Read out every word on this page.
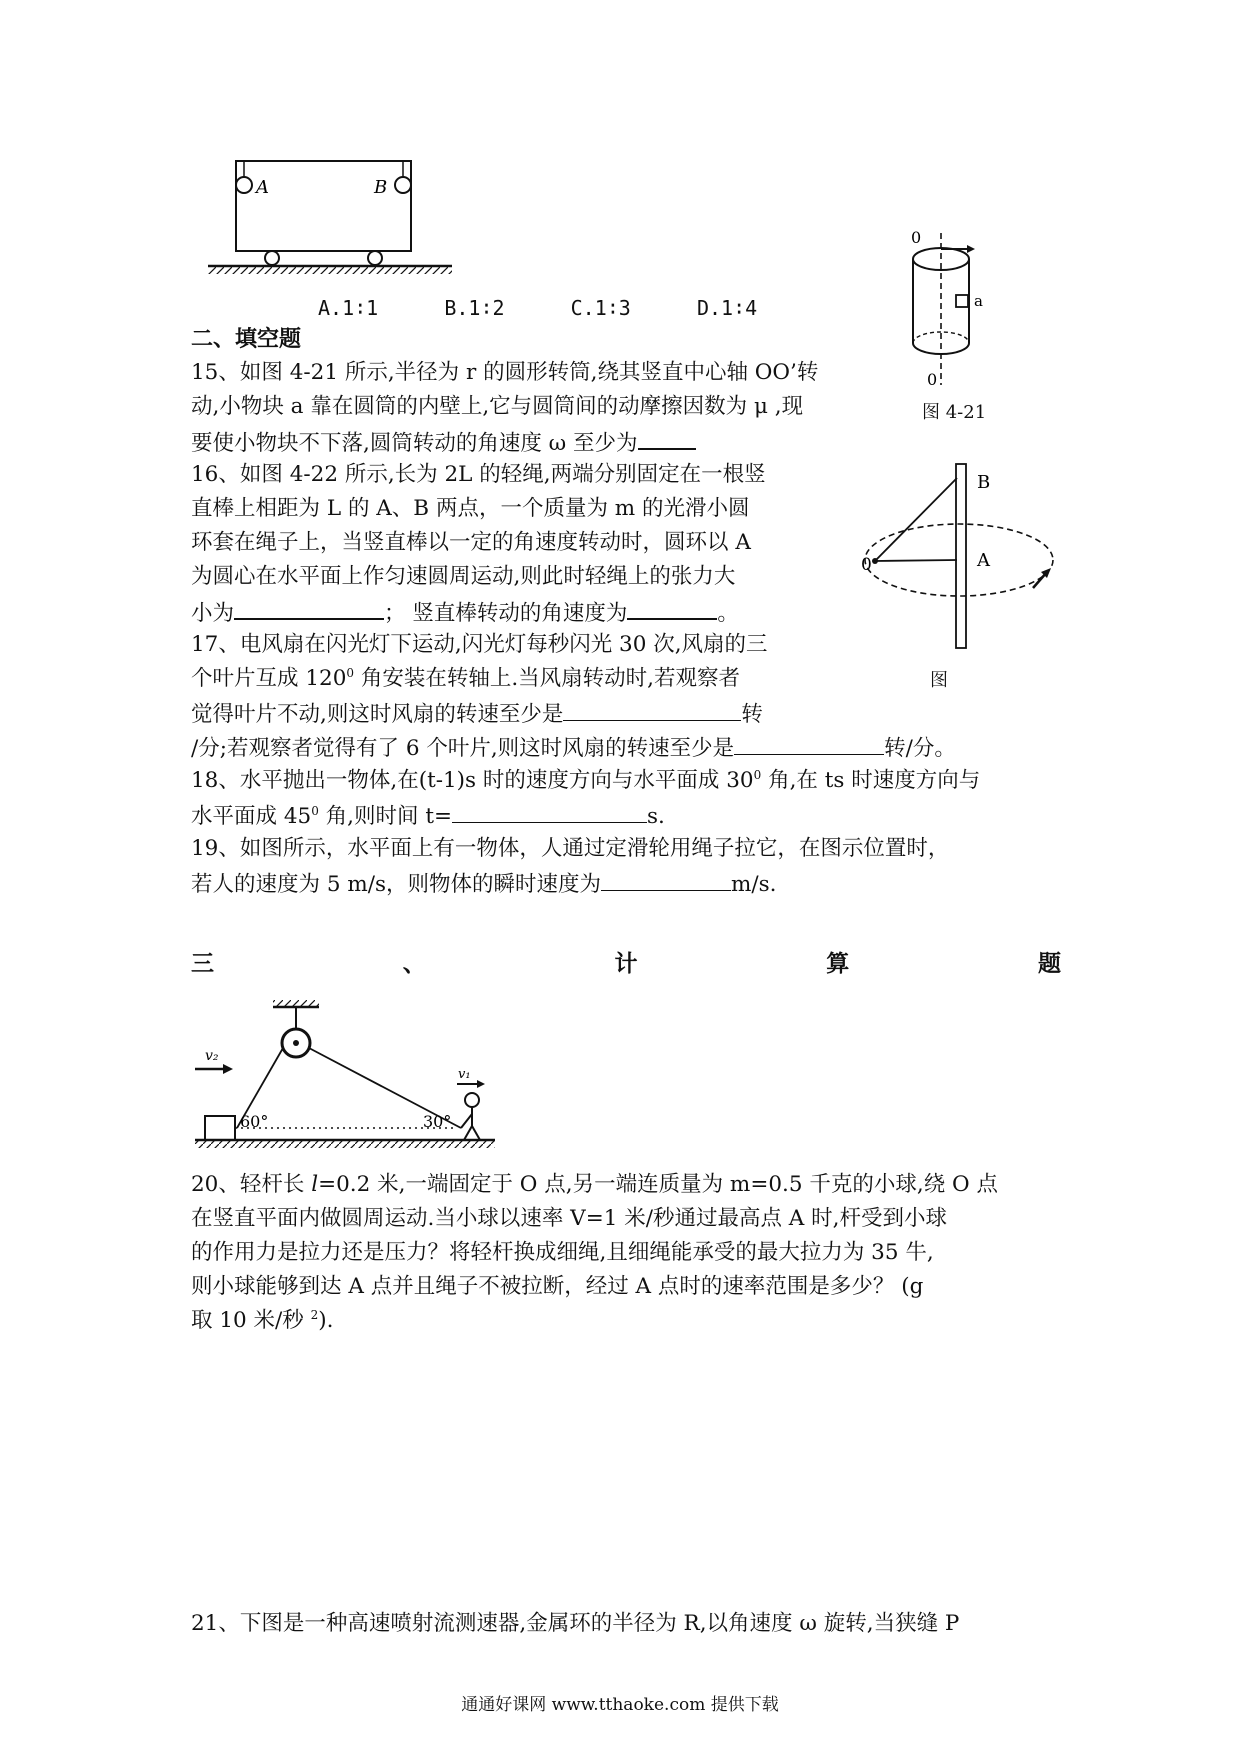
A	B
A.1∶1	B.1∶2	C.1∶3	D.1∶4
二、填空题
0
a
0
图 4-21
15、如图 4-21 所示,半径为 r 的圆形转筒,绕其竖直中心轴 OO’转
动,小物块 a 靠在圆筒的内壁上,它与圆筒间的动摩擦因数为 μ ,现
要使小物块不下落,圆筒转动的角速度 ω 至少为
16、如图 4-22 所示,长为 2L 的轻绳,两端分别固定在一根竖
直棒上相距为 L 的 A、B 两点，一个质量为 m 的光滑小圆
环套在绳子上，当竖直棒以一定的角速度转动时，圆环以 A
为圆心在水平面上作匀速圆周运动,则此时轻绳上的张力大
小为	； 竖直棒转动的角速度为	。
B
A
0
图
17、电风扇在闪光灯下运动,闪光灯每秒闪光 30 次,风扇的三
个叶片互成 $120^0$ 角安装在转轴上.当风扇转动时,若观察者
觉得叶片不动,则这时风扇的转速至少是	转
/分;若观察者觉得有了 6 个叶片,则这时风扇的转速至少是	转/分。
18、水平抛出一物体,在(t-1)s 时的速度方向与水平面成 $30^0$ 角,在 ts 时速度方向与
水平面成 $45^0$ 角,则时间 t=	s.
19、如图所示，水平面上有一物体，人通过定滑轮用绳子拉它，在图示位置时，
若人的速度为 5 m/s，则物体的瞬时速度为	m/s.
三	、	计	算	题
v₂
60°	30°
v₁
20、轻杆长 l=0.2 米,一端固定于 O 点,另一端连质量为 m=0.5 千克的小球,绕 O 点
在竖直平面内做圆周运动.当小球以速率 V=1 米/秒通过最高点 A 时,杆受到小球
的作用力是拉力还是压力？将轻杆换成细绳,且细绳能承受的最大拉力为 35 牛,
则小球能够到达 A 点并且绳子不被拉断，经过 A 点时的速率范围是多少？ (g
取 10 米/秒 $^2$).
21、下图是一种高速喷射流测速器,金属环的半径为 R,以角速度 ω 旋转,当狭缝 P
通通好课网 www.tthaoke.com 提供下载
